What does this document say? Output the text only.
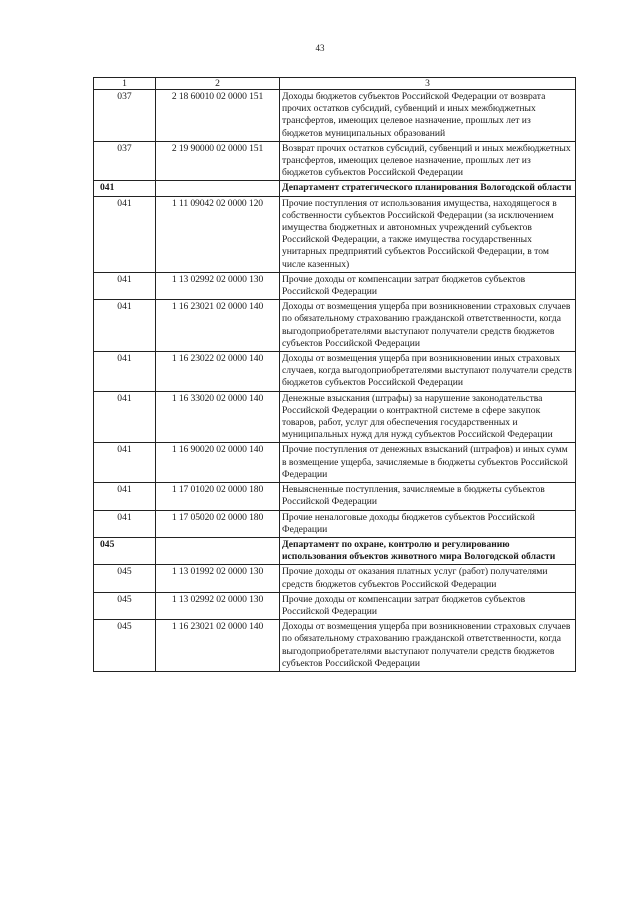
43
1	2	3
037	2 18 60010 02 0000 151	Доходы бюджетов субъектов Российской Федерации от возврата прочих остатков субсидий, субвенций и иных межбюджетных трансфертов, имеющих целевое назначение, прошлых лет из бюджетов муниципальных образований
037	2 19 90000 02 0000 151	Возврат прочих остатков субсидий, субвенций и иных межбюджетных трансфертов, имеющих целевое назначение, прошлых лет из бюджетов субъектов Российской Федерации
041		Департамент стратегического планирования Вологодской области
041	1 11 09042 02 0000 120	Прочие поступления от использования имущества, находящегося в собственности субъектов Российской Федерации (за исключением имущества бюджетных и автономных учреждений субъектов Российской Федерации, а также имущества государственных унитарных предприятий субъектов Российской Федерации, в том числе казенных)
041	1 13 02992 02 0000 130	Прочие доходы от компенсации затрат бюджетов субъектов Российской Федерации
041	1 16 23021 02 0000 140	Доходы от возмещения ущерба при возникновении страховых случаев по обязательному страхованию гражданской ответственности, когда выгодоприобретателями выступают получатели средств бюджетов субъектов Российской Федерации
041	1 16 23022 02 0000 140	Доходы от возмещения ущерба при возникновении иных страховых случаев, когда выгодоприобретателями выступают получатели средств бюджетов субъектов Российской Федерации
041	1 16 33020 02 0000 140	Денежные взыскания (штрафы) за нарушение законодательства Российской Федерации о контрактной системе в сфере закупок товаров, работ, услуг для обеспечения государственных и муниципальных нужд для нужд субъектов Российской Федерации
041	1 16 90020 02 0000 140	Прочие поступления от денежных взысканий (штрафов) и иных сумм в возмещение ущерба, зачисляемые в бюджеты субъектов Российской Федерации
041	1 17 01020 02 0000 180	Невыясненные поступления, зачисляемые в бюджеты субъектов Российской Федерации
041	1 17 05020 02 0000 180	Прочие неналоговые доходы бюджетов субъектов Российской Федерации
045		Департамент по охране, контролю и регулированию использования объектов животного мира Вологодской области
045	1 13 01992 02 0000 130	Прочие доходы от оказания платных услуг (работ) получателями средств бюджетов субъектов Российской Федерации
045	1 13 02992 02 0000 130	Прочие доходы от компенсации затрат бюджетов субъектов Российской Федерации
045	1 16 23021 02 0000 140	Доходы от возмещения ущерба при возникновении страховых случаев по обязательному страхованию гражданской ответственности, когда выгодоприобретателями выступают получатели средств бюджетов субъектов Российской Федерации
